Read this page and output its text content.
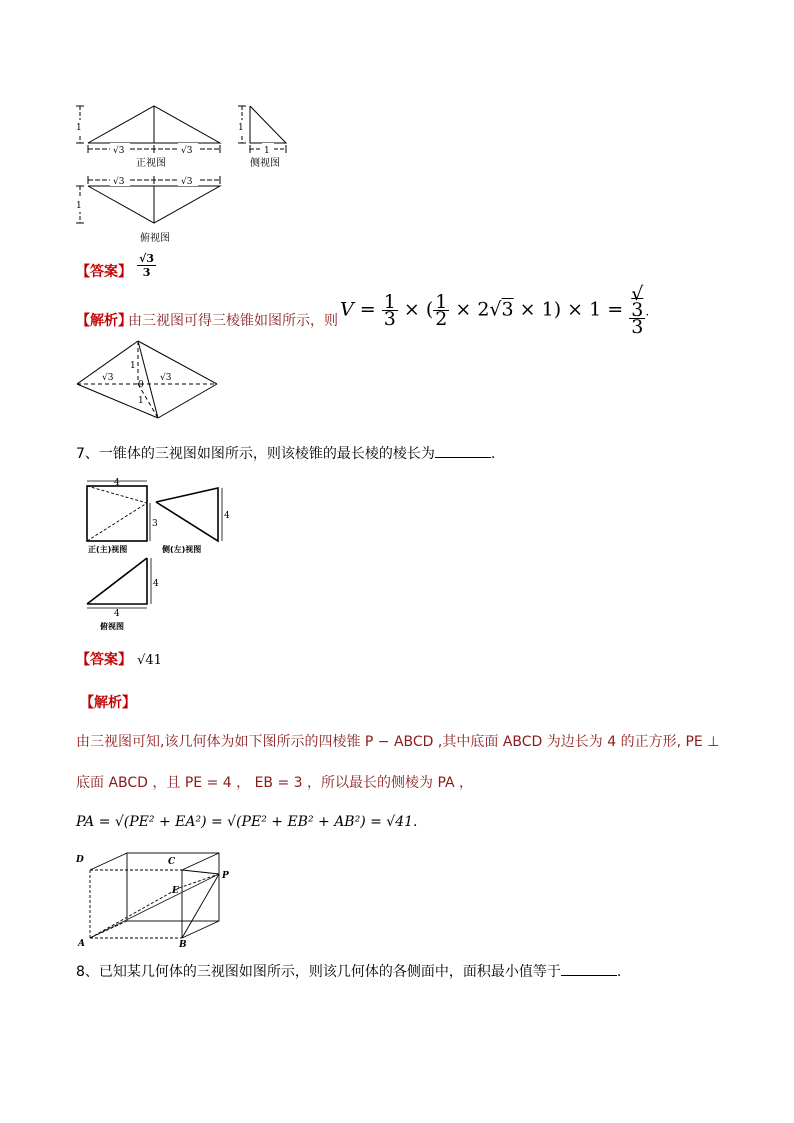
1
√3	√3
正视图
1
1
侧视图
√3	√3
1
俯视图
【答案】 $\frac{√3}{3}$
【解析】
由三视图可得三棱锥如图所示，则
$V = \frac{1}{3}$ × ( $\frac{1}{2} \times 2√3 \times 1) \times 1$ = √
3
3 .
√3	√3
1
0
1
7、一锥体的三视图如图所示，则该棱锥的最长棱的棱长为	.
4
3
4
正(主)视图	侧(左)视图
4
4
俯视图
【答案】 √41
【解析】
由三视图可知,该几何体为如下图所示的四棱锥 P − ABCD ,其中底面 ABCD 为边长为 4 的正方形, PE ⊥
底面 ABCD ，且 PE = 4 ， EB = 3 ，所以最长的侧棱为 PA ，
PA = √(PE² + EA²) = √(PE² + EB² + AB²) = √41.
D	C
E
P
A	B
8、已知某几何体的三视图如图所示，则该几何体的各侧面中，面积最小值等于	.
